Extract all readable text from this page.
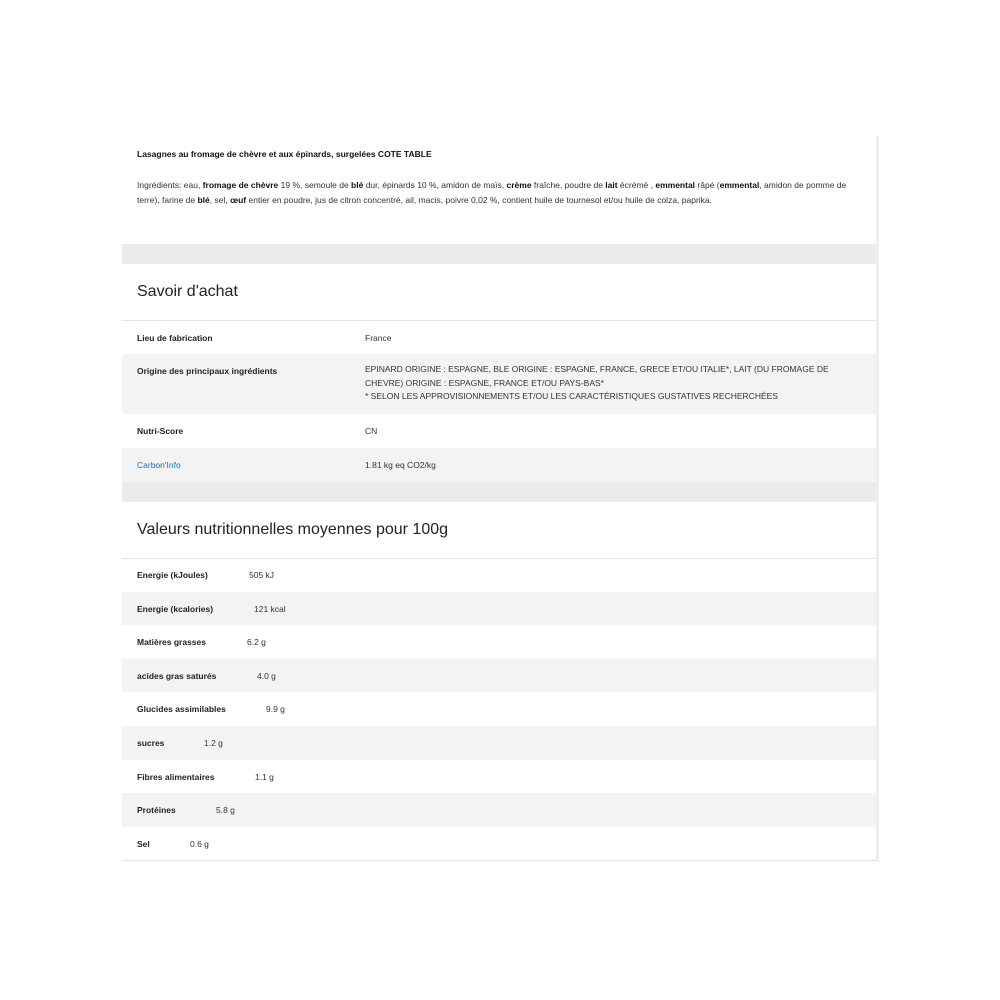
Lasagnes au fromage de chèvre et aux épinards, surgelées COTE TABLE
Ingrédients: eau, fromage de chèvre 19 %, semoule de blé dur, épinards 10 %, amidon de maïs, crème fraîche, poudre de lait écrémé , emmental râpé (emmental, amidon de pomme de terre), farine de blé, sel, œuf entier en poudre, jus de citron concentré, ail, macis, poivre 0,02 %, contient huile de tournesol et/ou huile de colza, paprika.
Savoir d'achat
Lieu de fabrication	France
Origine des principaux ingrédients	EPINARD ORIGINE : ESPAGNE, BLE ORIGINE : ESPAGNE, FRANCE, GRECE ET/OU ITALIE*, LAIT (DU FROMAGE DE CHEVRE) ORIGINE : ESPAGNE, FRANCE ET/OU PAYS-BAS*
* SELON LES APPROVISIONNEMENTS ET/OU LES CARACTÉRISTIQUES GUSTATIVES RECHERCHÉES
Nutri-Score	CN
Carbon'Info	1.81 kg eq CO2/kg
Valeurs nutritionnelles moyennes pour 100g
Energie (kJoules)	505 kJ
Energie (kcalories)	121 kcal
Matières grasses	6.2 g
acides gras saturés	4.0 g
Glucides assimilables	9.9 g
sucres	1.2 g
Fibres alimentaires	1.1 g
Protéines	5.8 g
Sel	0.6 g
